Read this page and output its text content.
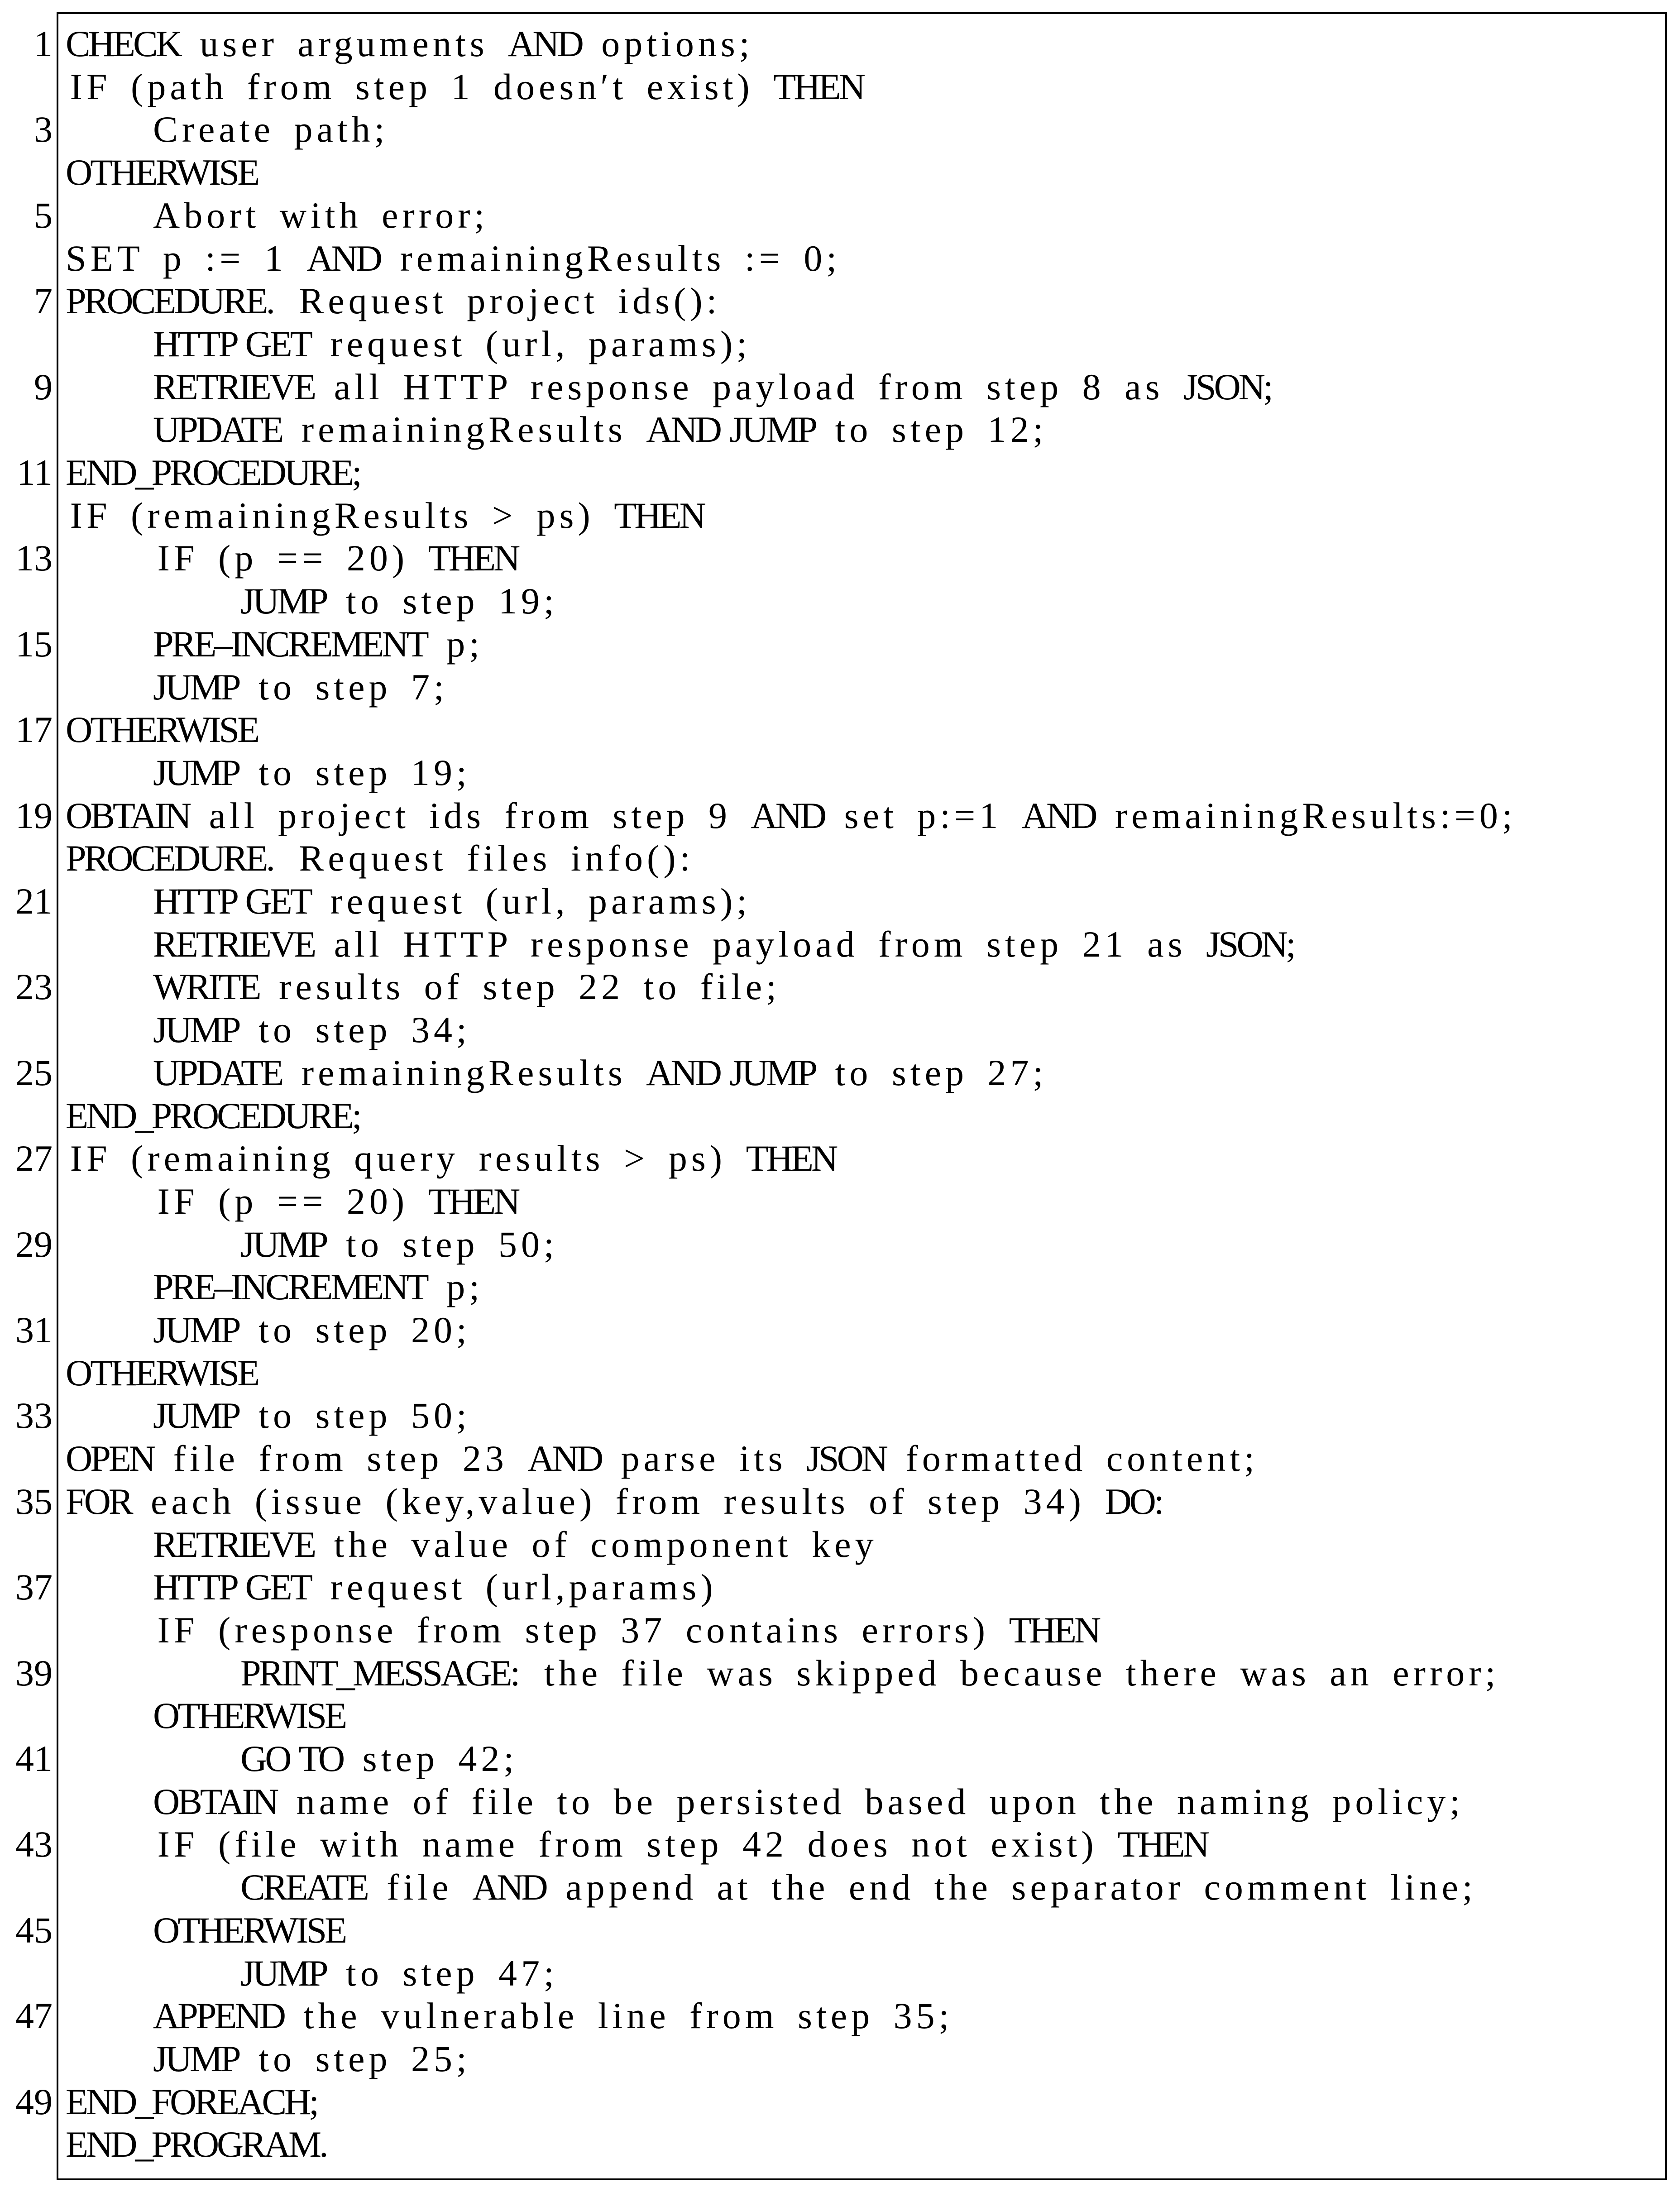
1 CHECK user arguments AND options;
IF (path from step 1 doesn′t exist) THEN
3	Create path;
OTHERWISE
5	Abort with error;
SET p := 1 AND remainingResults := 0;
7 PROCEDURE. Request project ids():
HTTP GET request (url, params);
9	RETRIEVE all HTTP response payload from step 8 as JSON;
UPDATE remainingResults AND JUMP to step 12;
11 END_PROCEDURE;
IF (remainingResults > ps) THEN
13	IF (p == 20) THEN
JUMP to step 19;
15	PRE–INCREMENT p;
JUMP to step 7;
17 OTHERWISE
JUMP to step 19;
19 OBTAIN all project ids from step 9 AND set p:=1 AND remainingResults:=0;
PROCEDURE. Request files info():
21	HTTP GET request (url, params);
RETRIEVE all HTTP response payload from step 21 as JSON;
23	WRITE results of step 22 to file;
JUMP to step 34;
25	UPDATE remainingResults AND JUMP to step 27;
END_PROCEDURE;
27 IF (remaining query results > ps) THEN
IF (p == 20) THEN
29	JUMP to step 50;
PRE–INCREMENT p;
31	JUMP to step 20;
OTHERWISE
33	JUMP to step 50;
OPEN file from step 23 AND parse its JSON formatted content;
35 FOR each (issue (key,value) from results of step 34) DO:
RETRIEVE the value of component key
37	HTTP GET request (url,params)
IF (response from step 37 contains errors) THEN
39	PRINT_MESSAGE: the file was skipped because there was an error;
OTHERWISE
41	GO TO step 42;
OBTAIN name of file to be persisted based upon the naming policy;
43	IF (file with name from step 42 does not exist) THEN
CREATE file AND append at the end the separator comment line;
45	OTHERWISE
JUMP to step 47;
47	APPEND the vulnerable line from step 35;
JUMP to step 25;
49 END_FOREACH;
END_PROGRAM.
